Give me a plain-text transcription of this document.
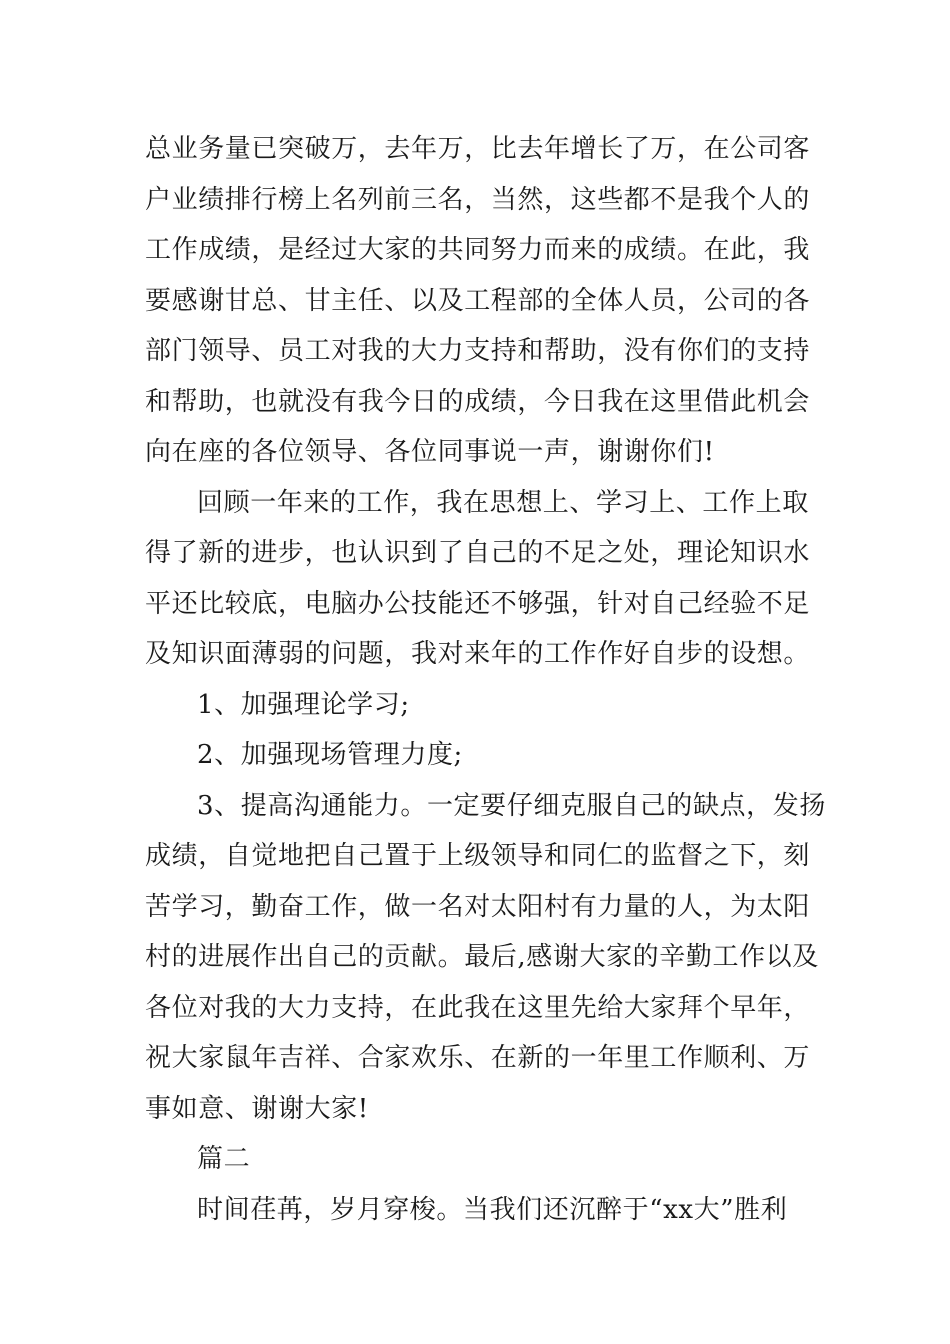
总业务量已突破万，去年万，比去年增长了万，在公司客
户业绩排行榜上名列前三名，当然，这些都不是我个人的
工作成绩，是经过大家的共同努力而来的成绩。在此，我
要感谢甘总、甘主任、以及工程部的全体人员，公司的各
部门领导、员工对我的大力支持和帮助，没有你们的支持
和帮助，也就没有我今日的成绩，今日我在这里借此机会
向在座的各位领导、各位同事说一声，谢谢你们!
回顾一年来的工作，我在思想上、学习上、工作上取
得了新的进步，也认识到了自己的不足之处，理论知识水
平还比较底，电脑办公技能还不够强，针对自己经验不足
及知识面薄弱的问题，我对来年的工作作好自步的设想。
1、加强理论学习;
2、加强现场管理力度;
3、提高沟通能力。一定要仔细克服自己的缺点，发扬
成绩，自觉地把自己置于上级领导和同仁的监督之下，刻
苦学习，勤奋工作，做一名对太阳村有力量的人，为太阳
村的进展作出自己的贡献。最后,感谢大家的辛勤工作以及
各位对我的大力支持，在此我在这里先给大家拜个早年，
祝大家鼠年吉祥、合家欢乐、在新的一年里工作顺利、万
事如意、谢谢大家!
篇二
时间荏苒，岁月穿梭。当我们还沉醉于“xx大”胜利
